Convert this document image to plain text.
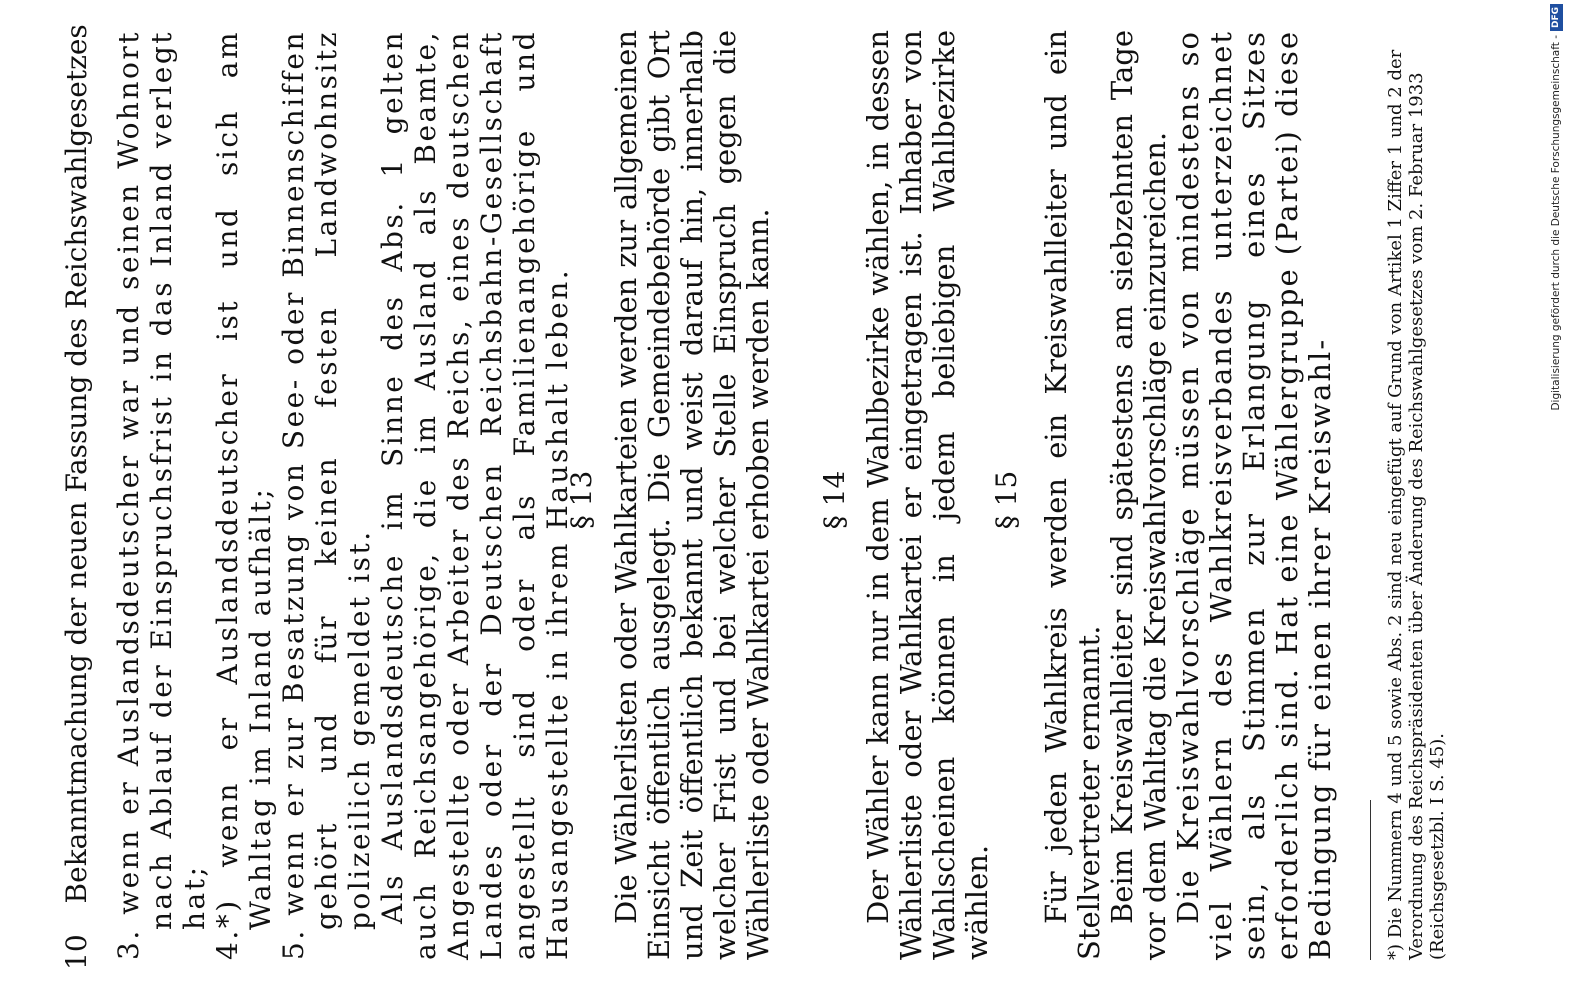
10 Bekanntmachung der neuen Fassung des Reichswahlgesetzes 3. wenn er Auslandsdeutscher war und seinen Wohnort nach Ablauf der Einspruchsfrist in das Inland verlegt hat; 4.*) wenn er Auslandsdeutscher ist und sich am Wahltag im Inland aufhält; 5. wenn er zur Besatzung von See- oder Binnenschiffen gehört und für keinen festen Landwohnsitz polizeilich gemeldet ist. Als Auslandsdeutsche im Sinne des Abs. 1 gelten auch Reichsangehörige, die im Ausland als Beamte, Angestellte oder Arbeiter des Reichs, eines deutschen Landes oder der Deutschen Reichsbahn-Gesellschaft angestellt sind oder als Familienangehörige und Hausangestellte in ihrem Haushalt leben.

§ 13 Die Wählerlisten oder Wahlkarteien werden zur allgemeinen Einsicht öffentlich ausgelegt. Die Gemeindebehörde gibt Ort und Zeit öffentlich bekannt und weist darauf hin, innerhalb welcher Frist und bei welcher Stelle Einspruch gegen die Wählerliste oder Wahlkartei erhoben werden kann. § 14 Der Wähler kann nur in dem Wahlbezirke wählen, in dessen Wählerliste oder Wahlkartei er eingetragen ist. Inhaber von Wahlscheinen können in jedem beliebigen Wahlbezirke wählen.

§ 15 Für jeden Wahlkreis werden ein Kreiswahlleiter und ein Stellvertreter ernannt. Beim Kreiswahlleiter sind spätestens am siebzehnten Tage vor dem Wahltag die Kreiswahlvorschläge einzureichen. Die Kreiswahlvorschläge müssen von mindestens so viel Wählern des Wahlkreisverbandes unterzeichnet sein, als Stimmen zur Erlangung eines Sitzes erforderlich sind. Hat eine Wählergruppe (Partei) diese Bedingung für einen ihrer Kreiswahl-	*) Die Nummern 4 und 5 sowie Abs. 2 sind neu eingefügt auf Grund von Artikel 1 Ziffer 1 und 2 der Verordnung des Reichspräsidenten über Änderung des Reichswahlgesetzes vom 2. Februar 1933 (Reichsgesetzbl. I S. 45).

Digitalisierung gefördert durch die Deutsche Forschungsgemeinschaft -
DFG
